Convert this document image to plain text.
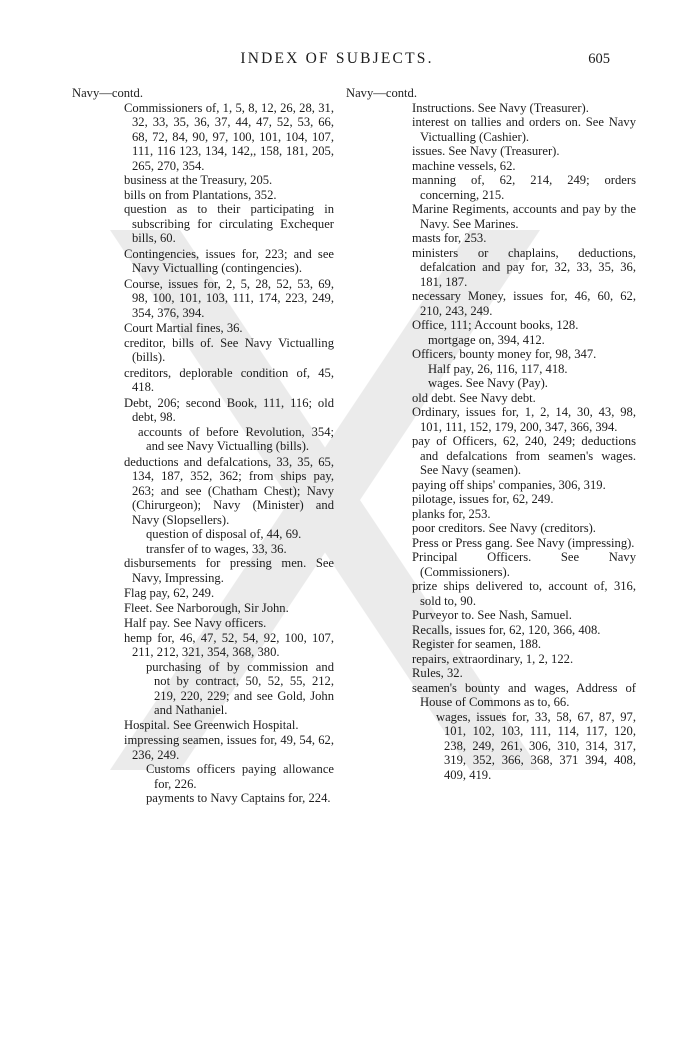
INDEX OF SUBJECTS.	605
Navy—contd.
Commissioners of, 1, 5, 8, 12, 26, 28, 31, 32, 33, 35, 36, 37, 44, 47, 52, 53, 66, 68, 72, 84, 90, 97, 100, 101, 104, 107, 111, 116 123, 134, 142,, 158, 181, 205, 265, 270, 354.
business at the Treasury, 205.
bills on from Plantations, 352.
question as to their participating in subscribing for circulating Exchequer bills, 60.
Contingencies, issues for, 223; and see Navy Victualling (contingencies).
Course, issues for, 2, 5, 28, 52, 53, 69, 98, 100, 101, 103, 111, 174, 223, 249, 354, 376, 394.
Court Martial fines, 36.
creditor, bills of. See Navy Victualling (bills).
creditors, deplorable condition of, 45, 418.
Debt, 206; second Book, 111, 116; old debt, 98.
accounts of before Revolution, 354; and see Navy Victualling (bills).
deductions and defalcations, 33, 35, 65, 134, 187, 352, 362; from ships pay, 263; and see (Chatham Chest); Navy (Chirurgeon); Navy (Minister) and Navy (Slopsellers).
question of disposal of, 44, 69.
transfer of to wages, 33, 36.
disbursements for pressing men. See Navy, Impressing.
Flag pay, 62, 249.
Fleet. See Narborough, Sir John.
Half pay. See Navy officers.
hemp for, 46, 47, 52, 54, 92, 100, 107, 211, 212, 321, 354, 368, 380.
purchasing of by commission and not by contract, 50, 52, 55, 212, 219, 220, 229; and see Gold, John and Nathaniel.
Hospital. See Greenwich Hospital.
impressing seamen, issues for, 49, 54, 62, 236, 249.
Customs officers paying allowance for, 226.
payments to Navy Captains for, 224.
Navy—contd.
Instructions. See Navy (Treasurer).
interest on tallies and orders on. See Navy Victualling (Cashier).
issues. See Navy (Treasurer).
machine vessels, 62.
manning of, 62, 214, 249; orders concerning, 215.
Marine Regiments, accounts and pay by the Navy. See Marines.
masts for, 253.
ministers or chaplains, deductions, defalcation and pay for, 32, 33, 35, 36, 181, 187.
necessary Money, issues for, 46, 60, 62, 210, 243, 249.
Office, 111; Account books, 128.
mortgage on, 394, 412.
Officers, bounty money for, 98, 347.
Half pay, 26, 116, 117, 418.
wages. See Navy (Pay).
old debt. See Navy debt.
Ordinary, issues for, 1, 2, 14, 30, 43, 98, 101, 111, 152, 179, 200, 347, 366, 394.
pay of Officers, 62, 240, 249; deductions and defalcations from seamen's wages. See Navy (seamen).
paying off ships' companies, 306, 319.
pilotage, issues for, 62, 249.
planks for, 253.
poor creditors. See Navy (creditors).
Press or Press gang. See Navy (impressing).
Principal Officers. See Navy (Commissioners).
prize ships delivered to, account of, 316, sold to, 90.
Purveyor to. See Nash, Samuel.
Recalls, issues for, 62, 120, 366, 408.
Register for seamen, 188.
repairs, extraordinary, 1, 2, 122.
Rules, 32.
seamen's bounty and wages, Address of House of Commons as to, 66.
wages, issues for, 33, 58, 67, 87, 97, 101, 102, 103, 111, 114, 117, 120, 238, 249, 261, 306, 310, 314, 317, 319, 352, 366, 368, 371 394, 408, 409, 419.
